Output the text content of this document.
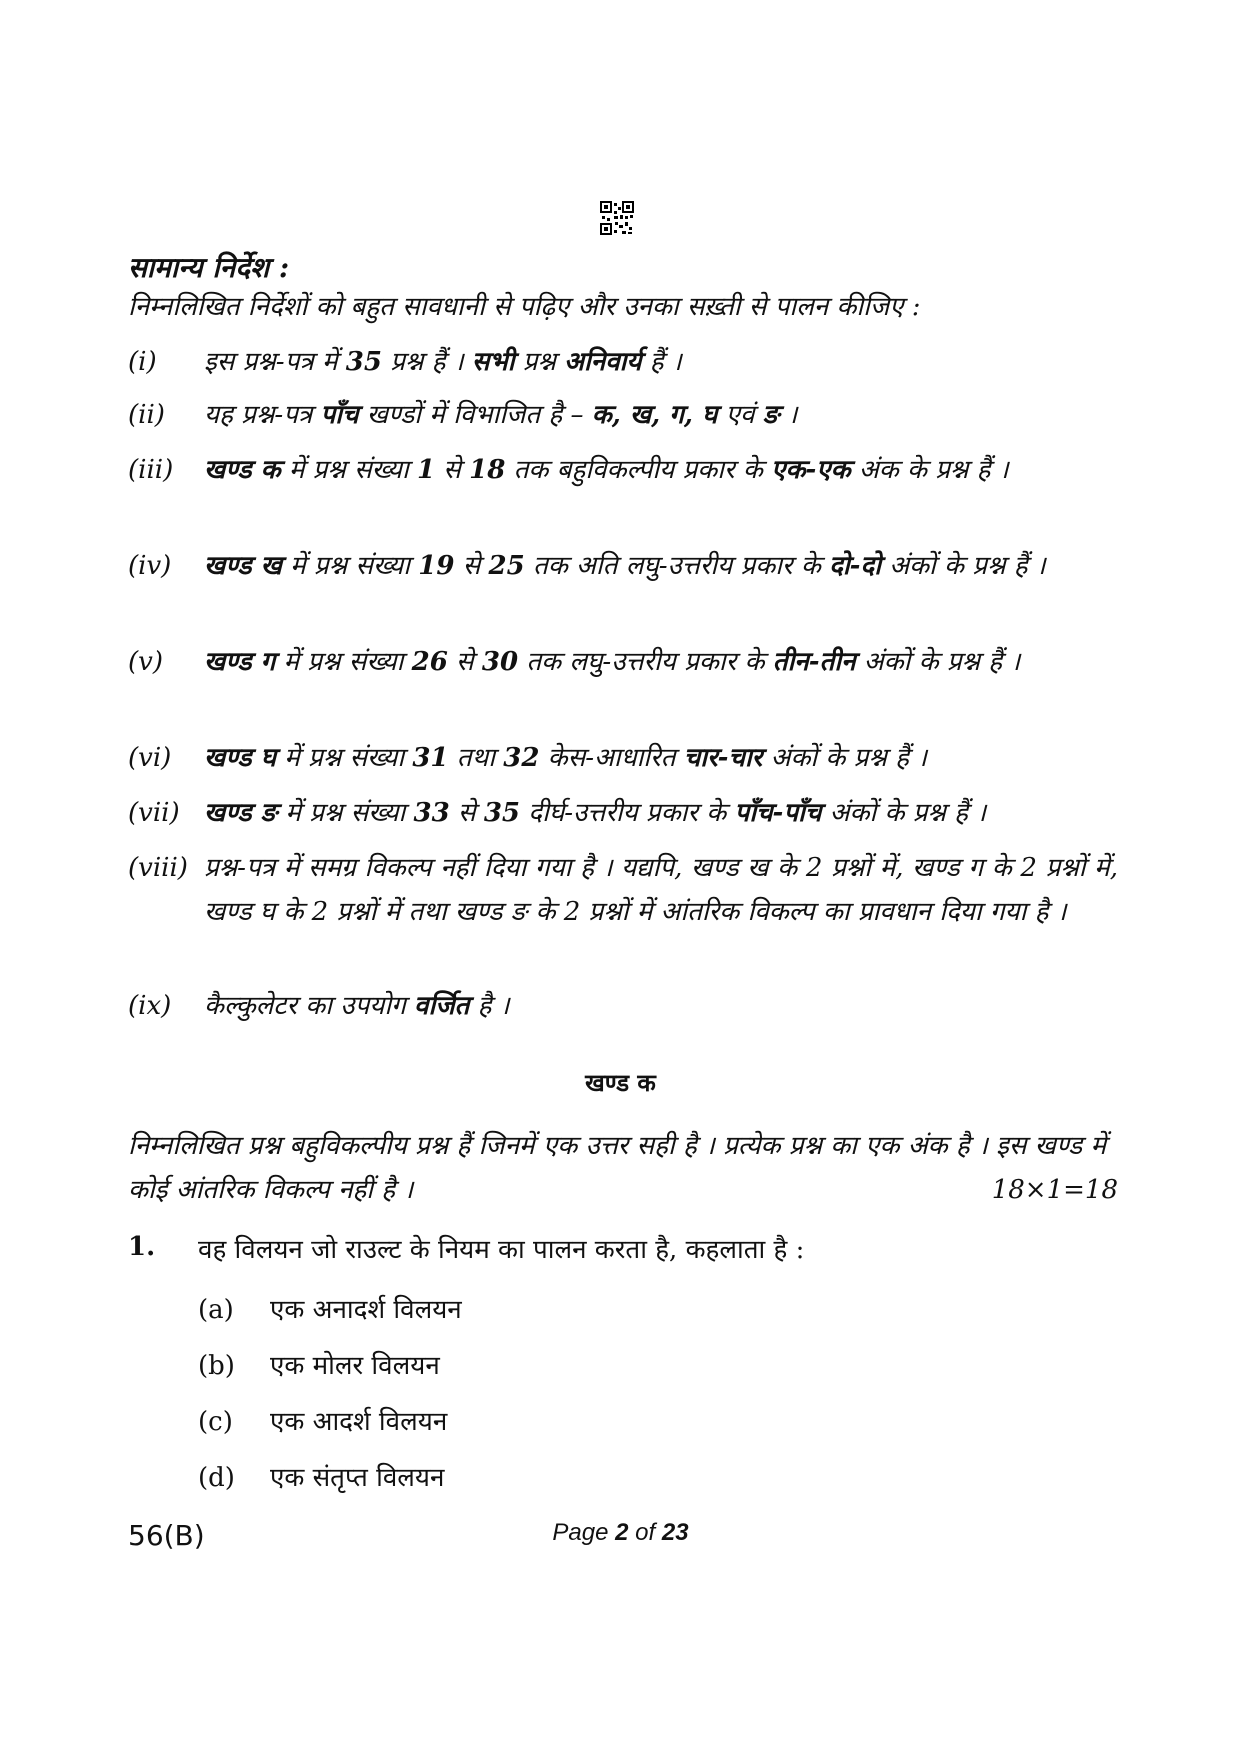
सामान्य निर्देश :
निम्नलिखित निर्देशों को बहुत सावधानी से पढ़िए और उनका सख़्ती से पालन कीजिए :
(i)	इस प्रश्न-पत्र में 35 प्रश्न हैं । सभी प्रश्न अनिवार्य हैं ।
(ii)	यह प्रश्न-पत्र पाँच खण्डों में विभाजित है – क, ख, ग, घ एवं ङ ।
(iii)	खण्ड क में प्रश्न संख्या 1 से 18 तक बहुविकल्पीय प्रकार के एक-एक अंक के प्रश्न हैं ।
(iv)	खण्ड ख में प्रश्न संख्या 19 से 25 तक अति लघु-उत्तरीय प्रकार के दो-दो अंकों के प्रश्न हैं ।
(v)	खण्ड ग में प्रश्न संख्या 26 से 30 तक लघु-उत्तरीय प्रकार के तीन-तीन अंकों के प्रश्न हैं ।
(vi)	खण्ड घ में प्रश्न संख्या 31 तथा 32 केस-आधारित चार-चार अंकों के प्रश्न हैं ।
(vii) खण्ड ङ में प्रश्न संख्या 33 से 35 दीर्घ-उत्तरीय प्रकार के पाँच-पाँच अंकों के प्रश्न हैं ।
(viii) प्रश्न-पत्र में समग्र विकल्प नहीं दिया गया है । यद्यपि, खण्ड ख के 2 प्रश्नों में, खण्ड ग के 2 प्रश्नों में, खण्ड घ के 2 प्रश्नों में तथा खण्ड ङ के 2 प्रश्नों में आंतरिक विकल्प का प्रावधान दिया गया है ।
(ix)	कैल्कुलेटर का उपयोग वर्जित है ।
खण्ड क
निम्नलिखित प्रश्न बहुविकल्पीय प्रश्न हैं जिनमें एक उत्तर सही है । प्रत्येक प्रश्न का एक अंक है । इस खण्ड में कोई आंतरिक विकल्प नहीं है ।	18×1=18
1. वह विलयन जो राउल्ट के नियम का पालन करता है, कहलाता है :
(a) एक अनादर्श विलयन
(b) एक मोलर विलयन
(c) एक आदर्श विलयन
(d) एक संतृप्त विलयन
56(B)	Page 2 of 23
